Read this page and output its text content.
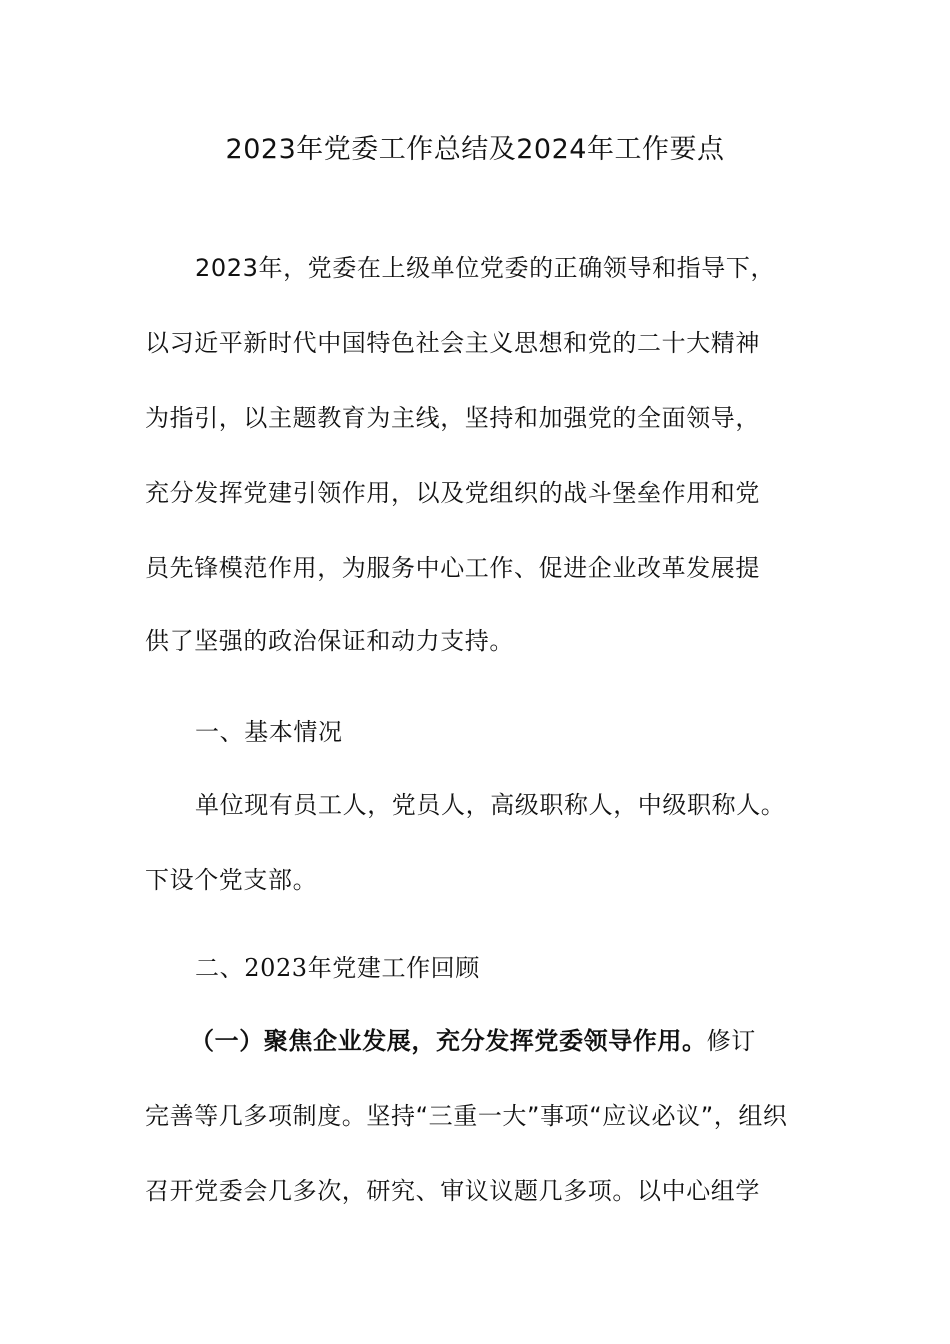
2023年党委工作总结及2024年工作要点
2023年，党委在上级单位党委的正确领导和指导下，
以习近平新时代中国特色社会主义思想和党的二十大精神
为指引，以主题教育为主线，坚持和加强党的全面领导，
充分发挥党建引领作用，以及党组织的战斗堡垒作用和党
员先锋模范作用，为服务中心工作、促进企业改革发展提
供了坚强的政治保证和动力支持。
一、基本情况
单位现有员工人，党员人，高级职称人，中级职称人。
下设个党支部。
二、2023年党建工作回顾
（一）聚焦企业发展，充分发挥党委领导作用。修订
完善等几多项制度。坚持“三重一大”事项“应议必议”，组织
召开党委会几多次，研究、审议议题几多项。以中心组学
